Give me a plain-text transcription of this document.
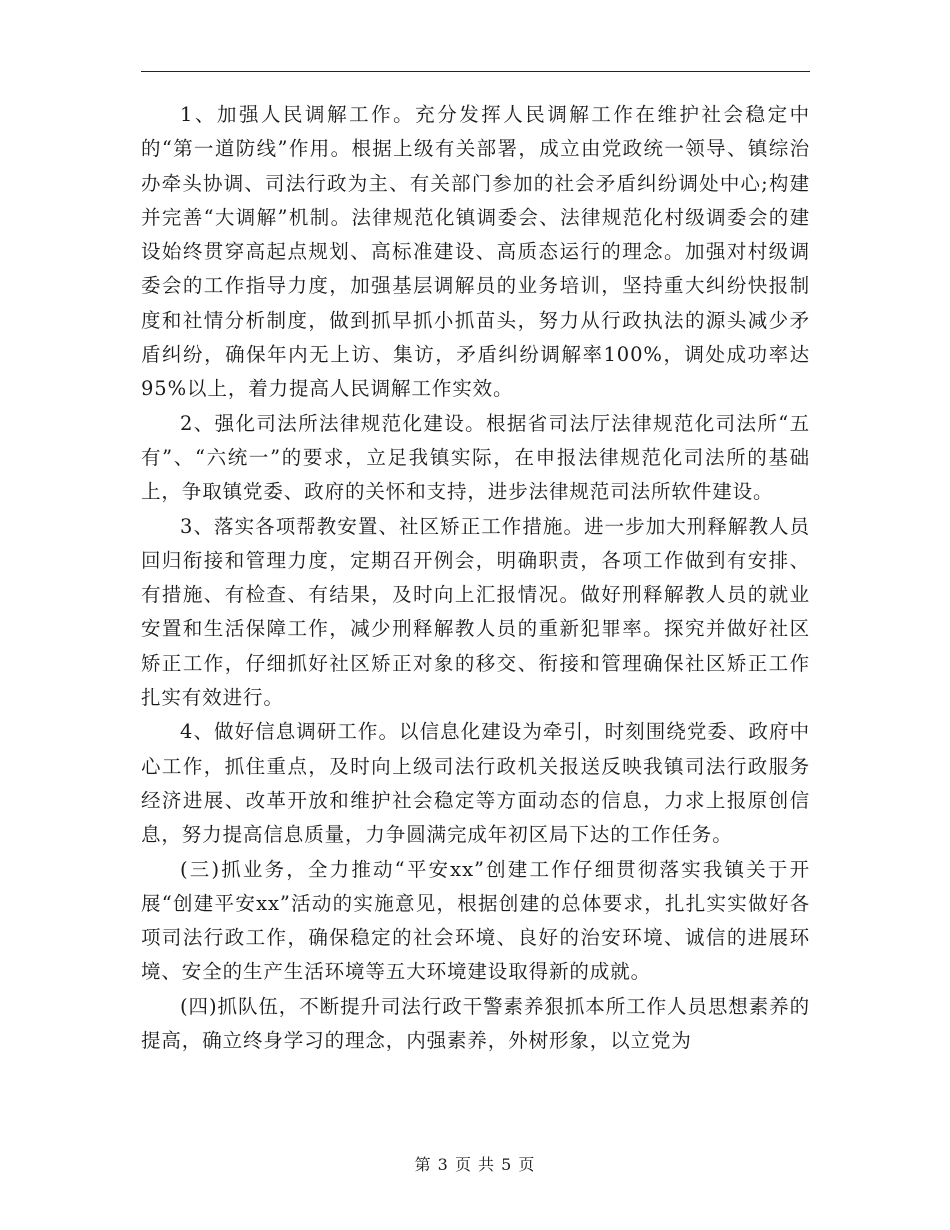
1、加强人民调解工作。充分发挥人民调解工作在维护社会稳定中的“第一道防线”作用。根据上级有关部署，成立由党政统一领导、镇综治办牵头协调、司法行政为主、有关部门参加的社会矛盾纠纷调处中心;构建并完善“大调解”机制。法律规范化镇调委会、法律规范化村级调委会的建设始终贯穿高起点规划、高标准建设、高质态运行的理念。加强对村级调委会的工作指导力度，加强基层调解员的业务培训，坚持重大纠纷快报制度和社情分析制度，做到抓早抓小抓苗头，努力从行政执法的源头减少矛盾纠纷，确保年内无上访、集访，矛盾纠纷调解率100%，调处成功率达95%以上，着力提高人民调解工作实效。

2、强化司法所法律规范化建设。根据省司法厅法律规范化司法所“五有”、“六统一”的要求，立足我镇实际，在申报法律规范化司法所的基础上，争取镇党委、政府的关怀和支持，进步法律规范司法所软件建设。

3、落实各项帮教安置、社区矫正工作措施。进一步加大刑释解教人员回归衔接和管理力度，定期召开例会，明确职责，各项工作做到有安排、有措施、有检查、有结果，及时向上汇报情况。做好刑释解教人员的就业安置和生活保障工作，减少刑释解教人员的重新犯罪率。探究并做好社区矫正工作，仔细抓好社区矫正对象的移交、衔接和管理确保社区矫正工作扎实有效进行。

4、做好信息调研工作。以信息化建设为牵引，时刻围绕党委、政府中心工作，抓住重点，及时向上级司法行政机关报送反映我镇司法行政服务经济进展、改革开放和维护社会稳定等方面动态的信息，力求上报原创信息，努力提高信息质量，力争圆满完成年初区局下达的工作任务。

(三)抓业务，全力推动“平安xx”创建工作仔细贯彻落实我镇关于开展“创建平安xx”活动的实施意见，根据创建的总体要求，扎扎实实做好各项司法行政工作，确保稳定的社会环境、良好的治安环境、诚信的进展环境、安全的生产生活环境等五大环境建设取得新的成就。

(四)抓队伍，不断提升司法行政干警素养狠抓本所工作人员思想素养的提高，确立终身学习的理念，内强素养，外树形象，以立党为

第 3 页 共 5 页
